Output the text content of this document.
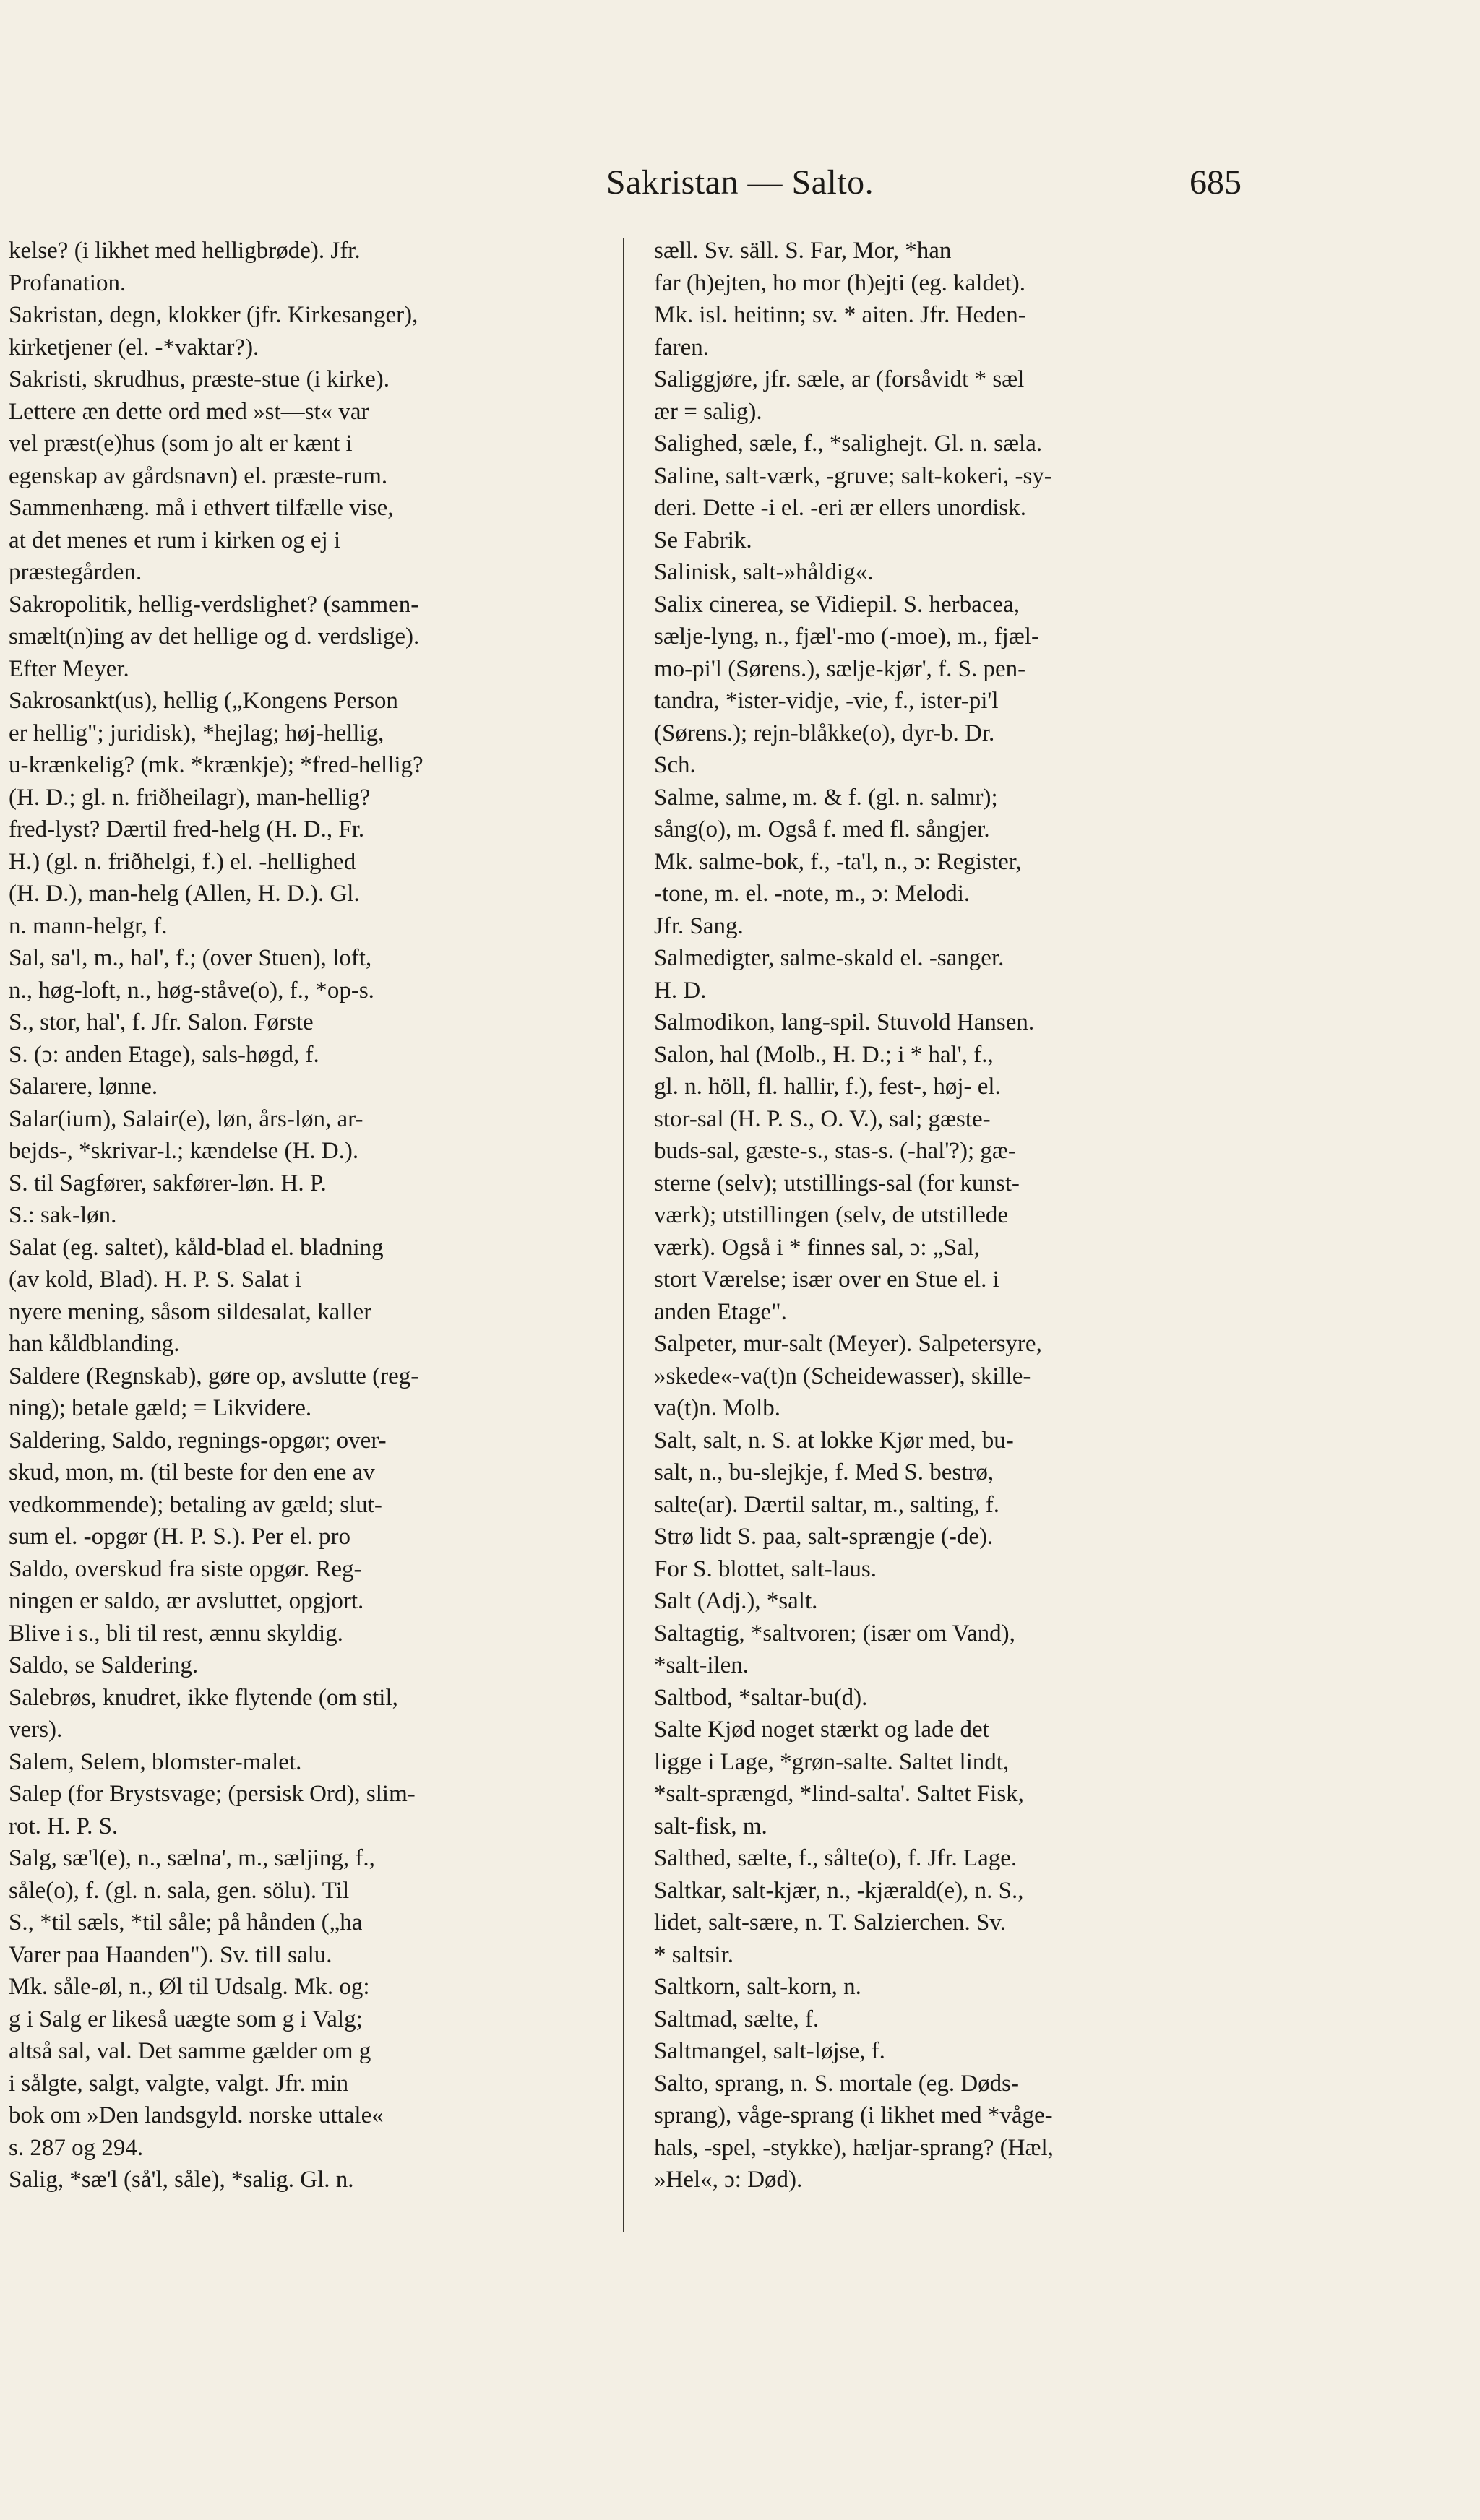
Sakristan — Salto.	685
kelse? (i likhet med helligbrøde). Jfr.
Profanation.
Sakristan, degn, klokker (jfr. Kirkesanger),
kirketjener (el. -*vaktar?).
Sakristi, skrudhus, præste-stue (i kirke).
Lettere æn dette ord med »st—st« var
vel præst(e)hus (som jo alt er kænt i
egenskap av gårdsnavn) el. præste-rum.
Sammenhæng. må i ethvert tilfælle vise,
at det menes et rum i kirken og ej i
præstegården.
Sakropolitik, hellig-verdslighet? (sammen-
smælt(n)ing av det hellige og d. verdslige).
Efter Meyer.
Sakrosankt(us), hellig („Kongens Person
er hellig"; juridisk), *hejlag; høj-hellig,
u-krænkelig? (mk. *krænkje); *fred-hellig?
(H. D.; gl. n. friðheilagr), man-hellig?
fred-lyst? Dærtil fred-helg (H. D., Fr.
H.) (gl. n. friðhelgi, f.) el. -hellighed
(H. D.), man-helg (Allen, H. D.). Gl.
n. mann-helgr, f.
Sal, sa'l, m., hal', f.; (over Stuen), loft,
n., høg-loft, n., høg-ståve(o), f., *op-s.
S., stor, hal', f. Jfr. Salon. Første
S. (ɔ: anden Etage), sals-høgd, f.
Salarere, lønne.
Salar(ium), Salair(e), løn, års-løn, ar-
bejds-, *skrivar-l.; kændelse (H. D.).
S. til Sagfører, sakfører-løn. H. P.
S.: sak-løn.
Salat (eg. saltet), kåld-blad el. bladning
(av kold, Blad). H. P. S. Salat i
nyere mening, såsom sildesalat, kaller
han kåldblanding.
Saldere (Regnskab), gøre op, avslutte (reg-
ning); betale gæld; = Likvidere.
Saldering, Saldo, regnings-opgør; over-
skud, mon, m. (til beste for den ene av
vedkommende); betaling av gæld; slut-
sum el. -opgør (H. P. S.). Per el. pro
Saldo, overskud fra siste opgør. Reg-
ningen er saldo, ær avsluttet, opgjort.
Blive i s., bli til rest, ænnu skyldig.
Saldo, se Saldering.
Salebrøs, knudret, ikke flytende (om stil,
vers).
Salem, Selem, blomster-malet.
Salep (for Brystsvage; (persisk Ord), slim-
rot. H. P. S.
Salg, sæ'l(e), n., sælna', m., sæljing, f.,
såle(o), f. (gl. n. sala, gen. sölu). Til
S., *til sæls, *til såle; på hånden („ha
Varer paa Haanden"). Sv. till salu.
Mk. såle-øl, n., Øl til Udsalg. Mk. og:
g i Salg er likeså uægte som g i Valg;
altså sal, val. Det samme gælder om g
i sålgte, salgt, valgte, valgt. Jfr. min
bok om »Den landsgyld. norske uttale«
s. 287 og 294.
Salig, *sæ'l (så'l, såle), *salig. Gl. n.
sæll. Sv. säll. S. Far, Mor, *han
far (h)ejten, ho mor (h)ejti (eg. kaldet).
Mk. isl. heitinn; sv. * aiten. Jfr. Heden-
faren.
Saliggjøre, jfr. sæle, ar (forsåvidt * sæl
ær = salig).
Salighed, sæle, f., *salighejt. Gl. n. sæla.
Saline, salt-værk, -gruve; salt-kokeri, -sy-
deri. Dette -i el. -eri ær ellers unordisk.
Se Fabrik.
Salinisk, salt-»håldig«.
Salix cinerea, se Vidiepil. S. herbacea,
sælje-lyng, n., fjæl'-mo (-moe), m., fjæl-
mo-pi'l (Sørens.), sælje-kjør', f. S. pen-
tandra, *ister-vidje, -vie, f., ister-pi'l
(Sørens.); rejn-blåkke(o), dyr-b. Dr.
Sch.
Salme, salme, m. & f. (gl. n. salmr);
sång(o), m. Også f. med fl. sångjer.
Mk. salme-bok, f., -ta'l, n., ɔ: Register,
-tone, m. el. -note, m., ɔ: Melodi.
Jfr. Sang.
Salmedigter, salme-skald el. -sanger.
H. D.
Salmodikon, lang-spil. Stuvold Hansen.
Salon, hal (Molb., H. D.; i * hal', f.,
gl. n. höll, fl. hallir, f.), fest-, høj- el.
stor-sal (H. P. S., O. V.), sal; gæste-
buds-sal, gæste-s., stas-s. (-hal'?); gæ-
sterne (selv); utstillings-sal (for kunst-
værk); utstillingen (selv, de utstillede
værk). Også i * finnes sal, ɔ: „Sal,
stort Værelse; især over en Stue el. i
anden Etage".
Salpeter, mur-salt (Meyer). Salpetersyre,
»skede«-va(t)n (Scheidewasser), skille-
va(t)n. Molb.
Salt, salt, n. S. at lokke Kjør med, bu-
salt, n., bu-slejkje, f. Med S. bestrø,
salte(ar). Dærtil saltar, m., salting, f.
Strø lidt S. paa, salt-sprængje (-de).
For S. blottet, salt-laus.
Salt (Adj.), *salt.
Saltagtig, *saltvoren; (især om Vand),
*salt-ilen.
Saltbod, *saltar-bu(d).
Salte Kjød noget stærkt og lade det
ligge i Lage, *grøn-salte. Saltet lindt,
*salt-sprængd, *lind-salta'. Saltet Fisk,
salt-fisk, m.
Salthed, sælte, f., sålte(o), f. Jfr. Lage.
Saltkar, salt-kjær, n., -kjærald(e), n. S.,
lidet, salt-sære, n. T. Salzierchen. Sv.
* saltsir.
Saltkorn, salt-korn, n.
Saltmad, sælte, f.
Saltmangel, salt-løjse, f.
Salto, sprang, n. S. mortale (eg. Døds-
sprang), våge-sprang (i likhet med *våge-
hals, -spel, -stykke), hæljar-sprang? (Hæl,
»Hel«, ɔ: Død).
